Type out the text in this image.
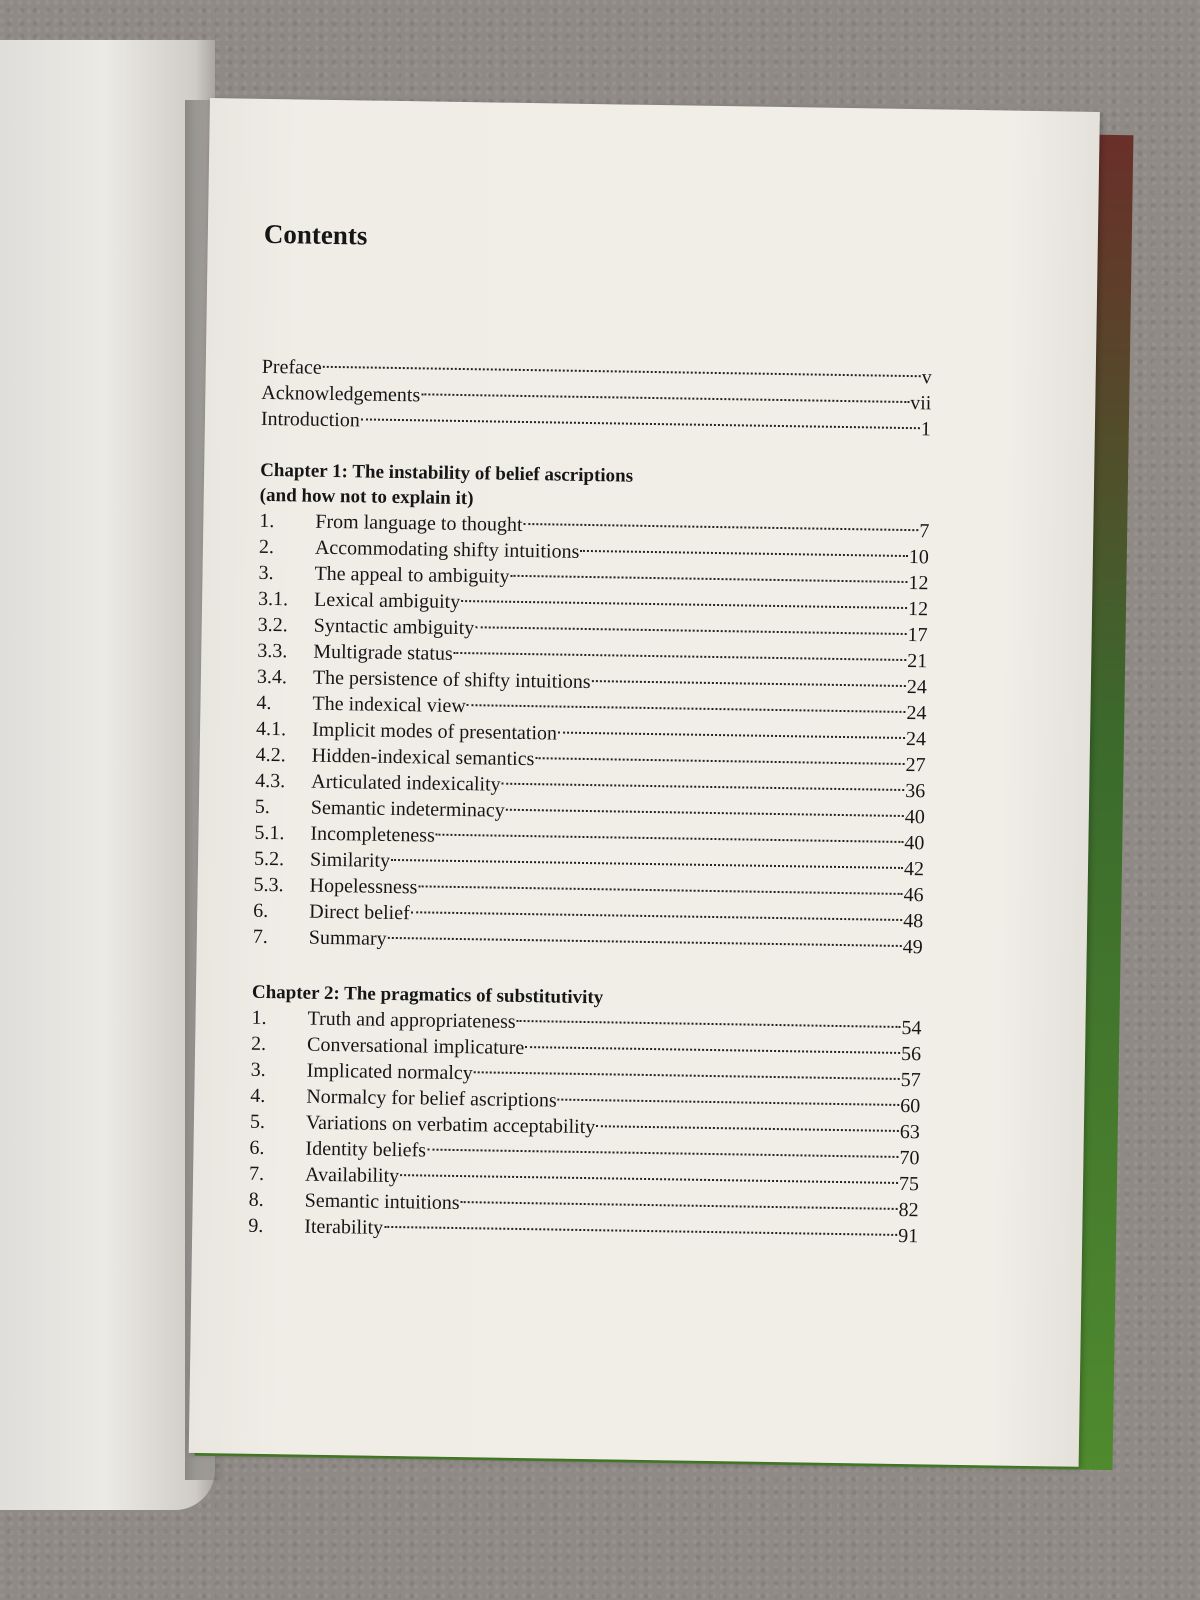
Contents
Preface	v
Acknowledgements	vii
Introduction	1
Chapter 1: The instability of belief ascriptions
(and how not to explain it)
1.	From language to thought	7
2.	Accommodating shifty intuitions	10
3.	The appeal to ambiguity	12
3.1.	Lexical ambiguity	12
3.2.	Syntactic ambiguity	17
3.3.	Multigrade status	21
3.4.	The persistence of shifty intuitions	24
4.	The indexical view	24
4.1.	Implicit modes of presentation	24
4.2.	Hidden-indexical semantics	27
4.3.	Articulated indexicality	36
5.	Semantic indeterminacy	40
5.1.	Incompleteness	40
5.2.	Similarity	42
5.3.	Hopelessness	46
6.	Direct belief	48
7.	Summary	49
Chapter 2: The pragmatics of substitutivity
1.	Truth and appropriateness	54
2.	Conversational implicature	56
3.	Implicated normalcy	57
4.	Normalcy for belief ascriptions	60
5.	Variations on verbatim acceptability	63
6.	Identity beliefs	70
7.	Availability	75
8.	Semantic intuitions	82
9.	Iterability	91
